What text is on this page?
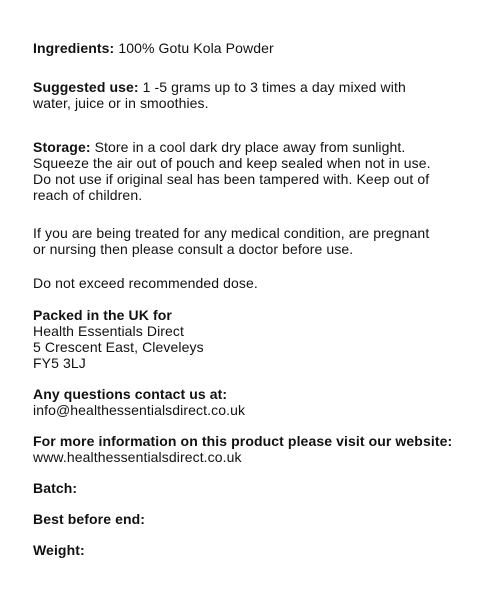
Ingredients: 100% Gotu Kola Powder

Suggested use: 1 -5 grams up to 3 times a day mixed with
water, juice or in smoothies.

Storage: Store in a cool dark dry place away from sunlight.
Squeeze the air out of pouch and keep sealed when not in use.
Do not use if original seal has been tampered with. Keep out of
reach of children.

If you are being treated for any medical condition, are pregnant
or nursing then please consult a doctor before use.

Do not exceed recommended dose.

Packed in the UK for
Health Essentials Direct
5 Crescent East, Cleveleys
FY5 3LJ

Any questions contact us at:
info@healthessentialsdirect.co.uk

For more information on this product please visit our website:
www.healthessentialsdirect.co.uk

Batch:

Best before end:

Weight:
